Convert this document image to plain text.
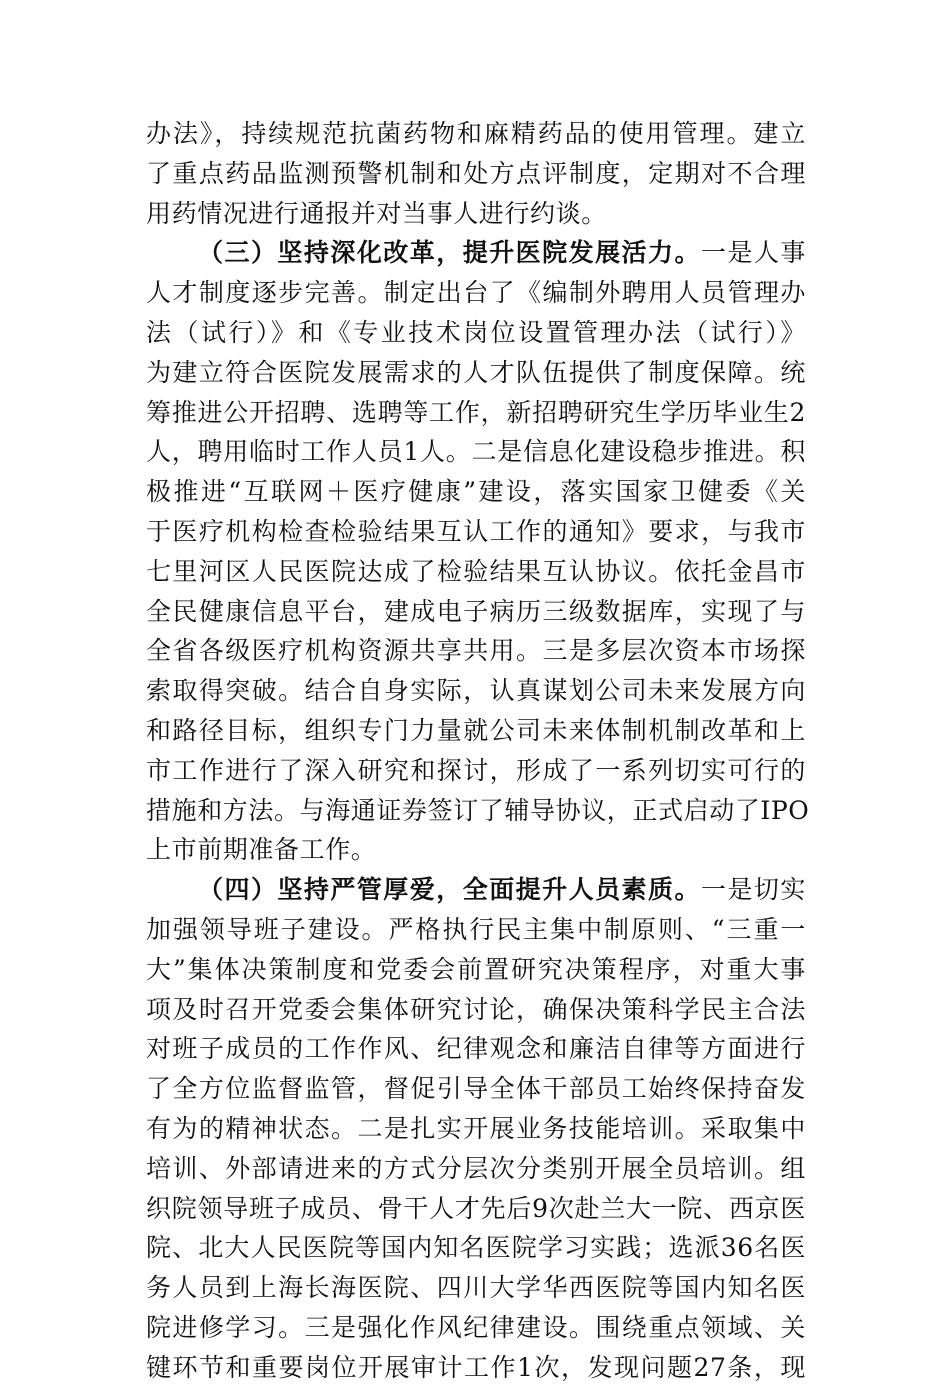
办法》，持续规范抗菌药物和麻精药品的使用管理。建立
了重点药品监测预警机制和处方点评制度，定期对不合理
用药情况进行通报并对当事人进行约谈。
（三）坚持深化改革，提升医院发展活力。一是人事
人才制度逐步完善。制定出台了《编制外聘用人员管理办
法（试行）》和《专业技术岗位设置管理办法（试行）》
为建立符合医院发展需求的人才队伍提供了制度保障。统
筹推进公开招聘、选聘等工作，新招聘研究生学历毕业生2
人，聘用临时工作人员1人。二是信息化建设稳步推进。积
极推进“互联网＋医疗健康”建设，落实国家卫健委《关
于医疗机构检查检验结果互认工作的通知》要求，与我市
七里河区人民医院达成了检验结果互认协议。依托金昌市
全民健康信息平台，建成电子病历三级数据库，实现了与
全省各级医疗机构资源共享共用。三是多层次资本市场探
索取得突破。结合自身实际，认真谋划公司未来发展方向
和路径目标，组织专门力量就公司未来体制机制改革和上
市工作进行了深入研究和探讨，形成了一系列切实可行的
措施和方法。与海通证券签订了辅导协议，正式启动了IPO
上市前期准备工作。
（四）坚持严管厚爱，全面提升人员素质。一是切实
加强领导班子建设。严格执行民主集中制原则、“三重一
大”集体决策制度和党委会前置研究决策程序，对重大事
项及时召开党委会集体研究讨论，确保决策科学民主合法
对班子成员的工作作风、纪律观念和廉洁自律等方面进行
了全方位监督监管，督促引导全体干部员工始终保持奋发
有为的精神状态。二是扎实开展业务技能培训。采取集中
培训、外部请进来的方式分层次分类别开展全员培训。组
织院领导班子成员、骨干人才先后9次赴兰大一院、西京医
院、北大人民医院等国内知名医院学习实践；选派36名医
务人员到上海长海医院、四川大学华西医院等国内知名医
院进修学习。三是强化作风纪律建设。围绕重点领域、关
键环节和重要岗位开展审计工作1次，发现问题27条，现
